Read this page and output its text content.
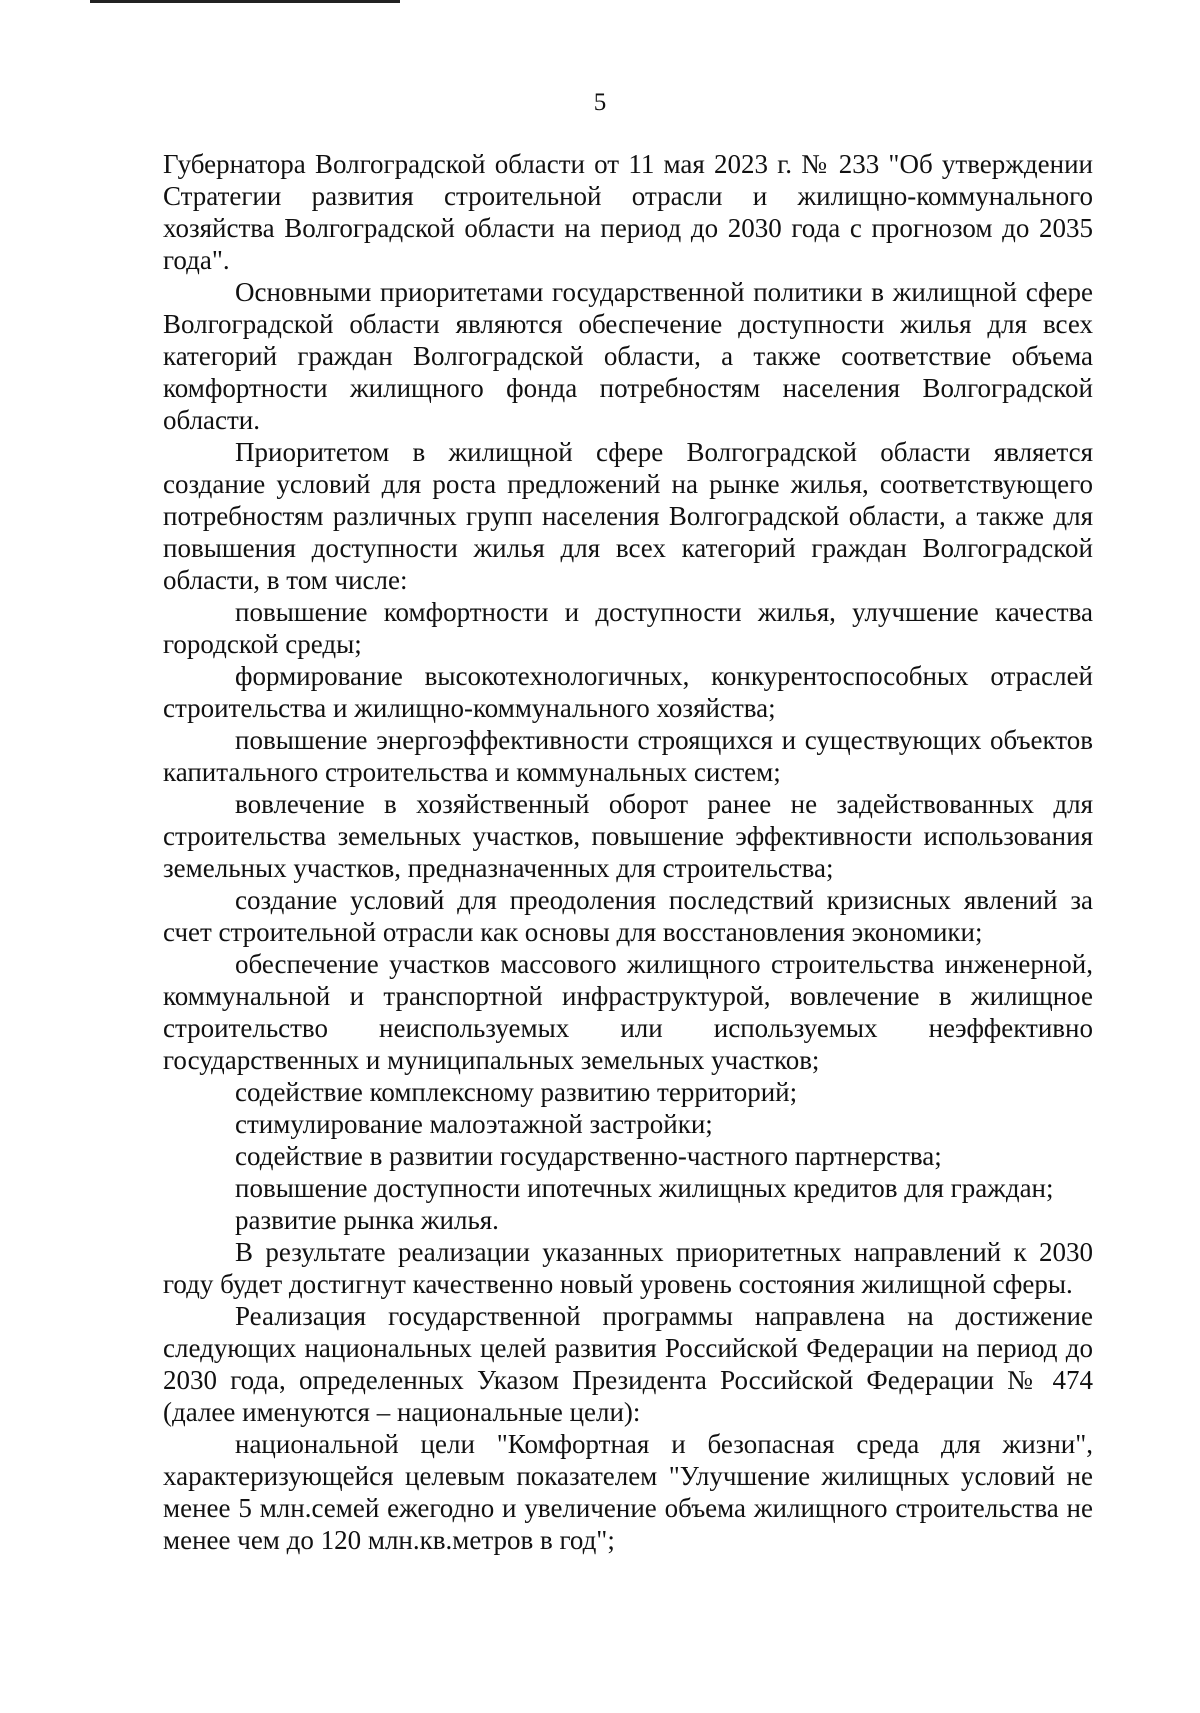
5

Губернатора Волгоградской области от 11 мая 2023 г. № 233 "Об утверждении Стратегии развития строительной отрасли и жилищно-коммунального хозяйства Волгоградской области на период до 2030 года с прогнозом до 2035 года".

Основными приоритетами государственной политики в жилищной сфере Волгоградской области являются обеспечение доступности жилья для всех категорий граждан Волгоградской области, а также соответствие объема комфортности жилищного фонда потребностям населения Волгоградской области.

Приоритетом в жилищной сфере Волгоградской области является создание условий для роста предложений на рынке жилья, соответствующего потребностям различных групп населения Волгоградской области, а также для повышения доступности жилья для всех категорий граждан Волгоградской области, в том числе:

повышение комфортности и доступности жилья, улучшение качества городской среды;

формирование высокотехнологичных, конкурентоспособных отраслей строительства и жилищно-коммунального хозяйства;

повышение энергоэффективности строящихся и существующих объектов капитального строительства и коммунальных систем;

вовлечение в хозяйственный оборот ранее не задействованных для строительства земельных участков, повышение эффективности использования земельных участков, предназначенных для строительства;

создание условий для преодоления последствий кризисных явлений за счет строительной отрасли как основы для восстановления экономики;

обеспечение участков массового жилищного строительства инженерной, коммунальной и транспортной инфраструктурой, вовлечение в жилищное строительство неиспользуемых или используемых неэффективно государственных и муниципальных земельных участков;

содействие комплексному развитию территорий;

стимулирование малоэтажной застройки;

содействие в развитии государственно-частного партнерства;

повышение доступности ипотечных жилищных кредитов для граждан;

развитие рынка жилья.

В результате реализации указанных приоритетных направлений к 2030 году будет достигнут качественно новый уровень состояния жилищной сферы.

Реализация государственной программы направлена на достижение следующих национальных целей развития Российской Федерации на период до 2030 года, определенных Указом Президента Российской Федерации № 474 (далее именуются – национальные цели):

национальной цели "Комфортная и безопасная среда для жизни", характеризующейся целевым показателем "Улучшение жилищных условий не менее 5 млн.семей ежегодно и увеличение объема жилищного строительства не менее чем до 120 млн.кв.метров в год";
